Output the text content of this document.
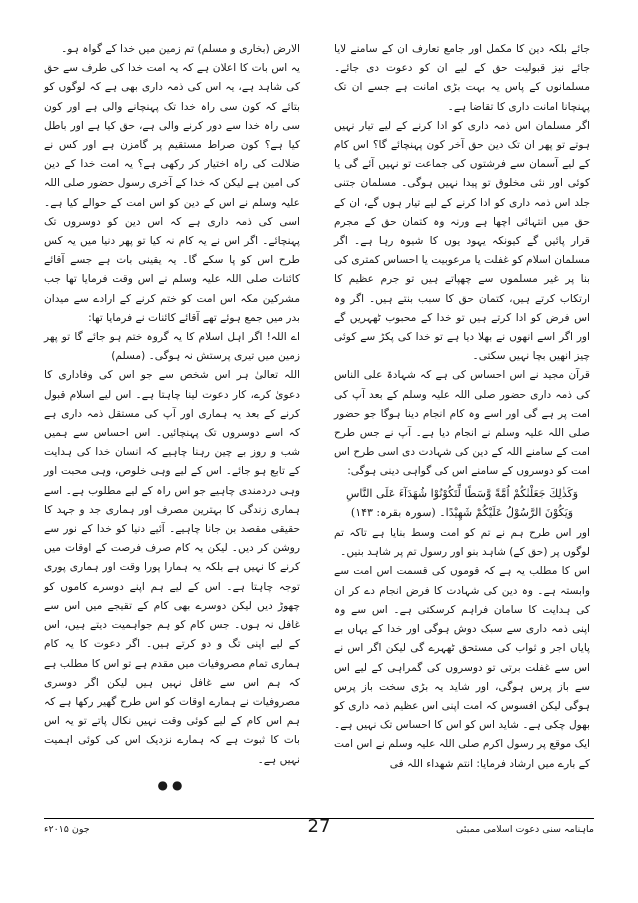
جائے بلکہ دین کا مکمل اور جامع تعارف ان کے سامنے لایا جائے نیز قبولیت حق کے لیے ان کو دعوت دی جائے۔ مسلمانوں کے پاس یہ بہت بڑی امانت ہے جسے ان تک پہنچانا امانت داری کا تقاضا ہے۔

اگر مسلمان اس ذمہ داری کو ادا کرنے کے لیے تیار نہیں ہوتے تو پھر ان تک دین حق آخر کون پہنچائے گا؟ اس کام کے لیے آسمان سے فرشتوں کی جماعت تو نہیں آئے گی یا کوئی اور نئی مخلوق تو پیدا نہیں ہوگی۔ مسلمان جتنی جلد اس ذمہ داری کو ادا کرنے کے لیے تیار ہوں گے، ان کے حق میں انتہائی اچھا ہے ورنہ وہ کتمان حق کے مجرم قرار پائیں گے کیونکہ یہود یوں کا شیوہ رہا ہے۔ اگر مسلمان اسلام کو غفلت یا مرعوبیت یا احساس کمتری کی بنا پر غیر مسلموں سے چھپاتے ہیں تو جرم عظیم کا ارتکاب کرتے ہیں، کتمان حق کا سبب بنتے ہیں۔ اگر وہ اس فرض کو ادا کرتے ہیں تو خدا کے محبوب ٹھہریں گے اور اگر اسے انھوں نے بھلا دیا ہے تو خدا کی پکڑ سے کوئی چیز انھیں بچا نہیں سکتی۔

قرآن مجید نے اس احساس کی ہے کہ شہادۃ علی الناس کی ذمہ داری حضور صلی اللہ علیہ وسلم کے بعد آپ کی امت پر ہے گی اور اسے وہ کام انجام دینا ہوگا جو حضور صلی اللہ علیہ وسلم نے انجام دیا ہے۔ آپ نے جس طرح امت کے سامنے اللہ کے دین کی شہادت دی اسی طرح اس امت کو دوسروں کے سامنے اس کی گواہی دینی ہوگی:

وَكَذٰلِكَ جَعَلْنٰكُمْ اُمَّةً وَّسَطًا لِّتَكُوْنُوْا شُهَدَآءَ عَلَى النَّاسِ وَيَكُوْنَ الرَّسُوْلُ عَلَيْكُمْ شَهِيْدًا۔ (سورہ بقرہ: ۱۴۳)

اور اس طرح ہم نے تم کو امت وسط بنایا ہے تاکہ تم لوگوں پر (حق کے) شاہد بنو اور رسول تم پر شاہد بنیں۔

اس کا مطلب یہ ہے کہ قوموں کی قسمت اس امت سے وابستہ ہے۔ وہ دین کی شہادت کا فرض انجام دے کر ان کی ہدایت کا سامان فراہم کرسکتی ہے۔ اس سے وہ اپنی ذمہ داری سے سبک دوش ہوگی اور خدا کے یہاں بے پایاں اجر و ثواب کی مستحق ٹھہرے گی لیکن اگر اس نے اس سے غفلت برتی تو دوسروں کی گمراہی کے لیے اس سے باز پرس ہوگی، اور شاید یہ بڑی سخت باز پرس ہوگی لیکن افسوس کہ امت اپنی اس عظیم ذمہ داری کو بھول چکی ہے۔ شاید اس کو اس کا احساس تک نہیں ہے۔ ایک موقع پر رسول اکرم صلی اللہ علیہ وسلم نے اس امت کے بارے میں ارشاد فرمایا: انتم شھداء اللہ فی

الارض (بخاری و مسلم) تم زمین میں خدا کے گواہ ہو۔

یہ اس بات کا اعلان ہے کہ یہ امت خدا کی طرف سے حق کی شاہد ہے، یہ اس کی ذمہ داری بھی ہے کہ لوگوں کو بتائے کہ کون سی راہ خدا تک پہنچانے والی ہے اور کون سی راہ خدا سے دور کرنے والی ہے، حق کیا ہے اور باطل کیا ہے؟ کون صراط مستقیم پر گامزن ہے اور کس نے ضلالت کی راہ اختیار کر رکھی ہے؟ یہ امت خدا کے دین کی امین ہے لیکن کہ خدا کے آخری رسول حضور صلی اللہ علیہ وسلم نے اس کے دین کو اس امت کے حوالے کیا ہے۔ اسی کی ذمہ داری ہے کہ اس دین کو دوسروں تک پہنچائے۔ اگر اس نے یہ کام نہ کیا تو پھر دنیا میں یہ کس طرح اس کو پا سکے گا۔ یہ یقینی بات ہے جسے آقائے کائنات صلی اللہ علیہ وسلم نے اس وقت فرمایا تھا جب مشرکین مکہ اس امت کو ختم کرنے کے ارادے سے میدان بدر میں جمع ہوئے تھے آقائے کائنات نے فرمایا تھا:

اے اللہ! اگر اہل اسلام کا یہ گروہ ختم ہو جائے گا تو پھر زمین میں تیری پرستش نہ ہوگی۔ (مسلم)

اللہ تعالیٰ ہر اس شخص سے جو اس کی وفاداری کا دعویٰ کرے، کار دعوت لینا چاہتا ہے۔ اس لیے اسلام قبول کرنے کے بعد یہ ہماری اور آپ کی مستقل ذمہ داری ہے کہ اسے دوسروں تک پہنچائیں۔ اس احساس سے ہمیں شب و روز بے چین رہنا چاہیے کہ انسان خدا کی ہدایت کے تابع ہو جائے۔ اس کے لیے وہی خلوص، وہی محبت اور وہی دردمندی چاہیے جو اس راہ کے لیے مطلوب ہے۔ اسے ہماری زندگی کا بہترین مصرف اور ہماری جد و جہد کا حقیقی مقصد بن جانا چاہیے۔ آئیے دنیا کو خدا کے نور سے روشن کر دیں۔ لیکن یہ کام صرف فرصت کے اوقات میں کرنے کا نہیں ہے بلکہ یہ ہمارا پورا وقت اور ہماری پوری توجہ چاہتا ہے۔ اس کے لیے ہم اپنے دوسرے کاموں کو چھوڑ دیں لیکن دوسرے بھی کام کے تقیجے میں اس سے غافل نہ ہوں۔ جس کام کو ہم جواہمیت دیتے ہیں، اس کے لیے اپنی تگ و دو کرتے ہیں۔ اگر دعوت کا یہ کام ہماری تمام مصروفیات میں مقدم ہے تو اس کا مطلب ہے کہ ہم اس سے غافل نہیں ہیں لیکن اگر دوسری مصروفیات نے ہمارے اوقات کو اس طرح گھیر رکھا ہے کہ ہم اس کام کے لیے کوئی وقت نہیں نکال پاتے تو یہ اس بات کا ثبوت ہے کہ ہمارے نزدیک اس کی کوئی اہمیت نہیں ہے۔

●●
ماہنامہ سنی دعوت اسلامی ممبئی
27
جون ۲۰۱۵ء
